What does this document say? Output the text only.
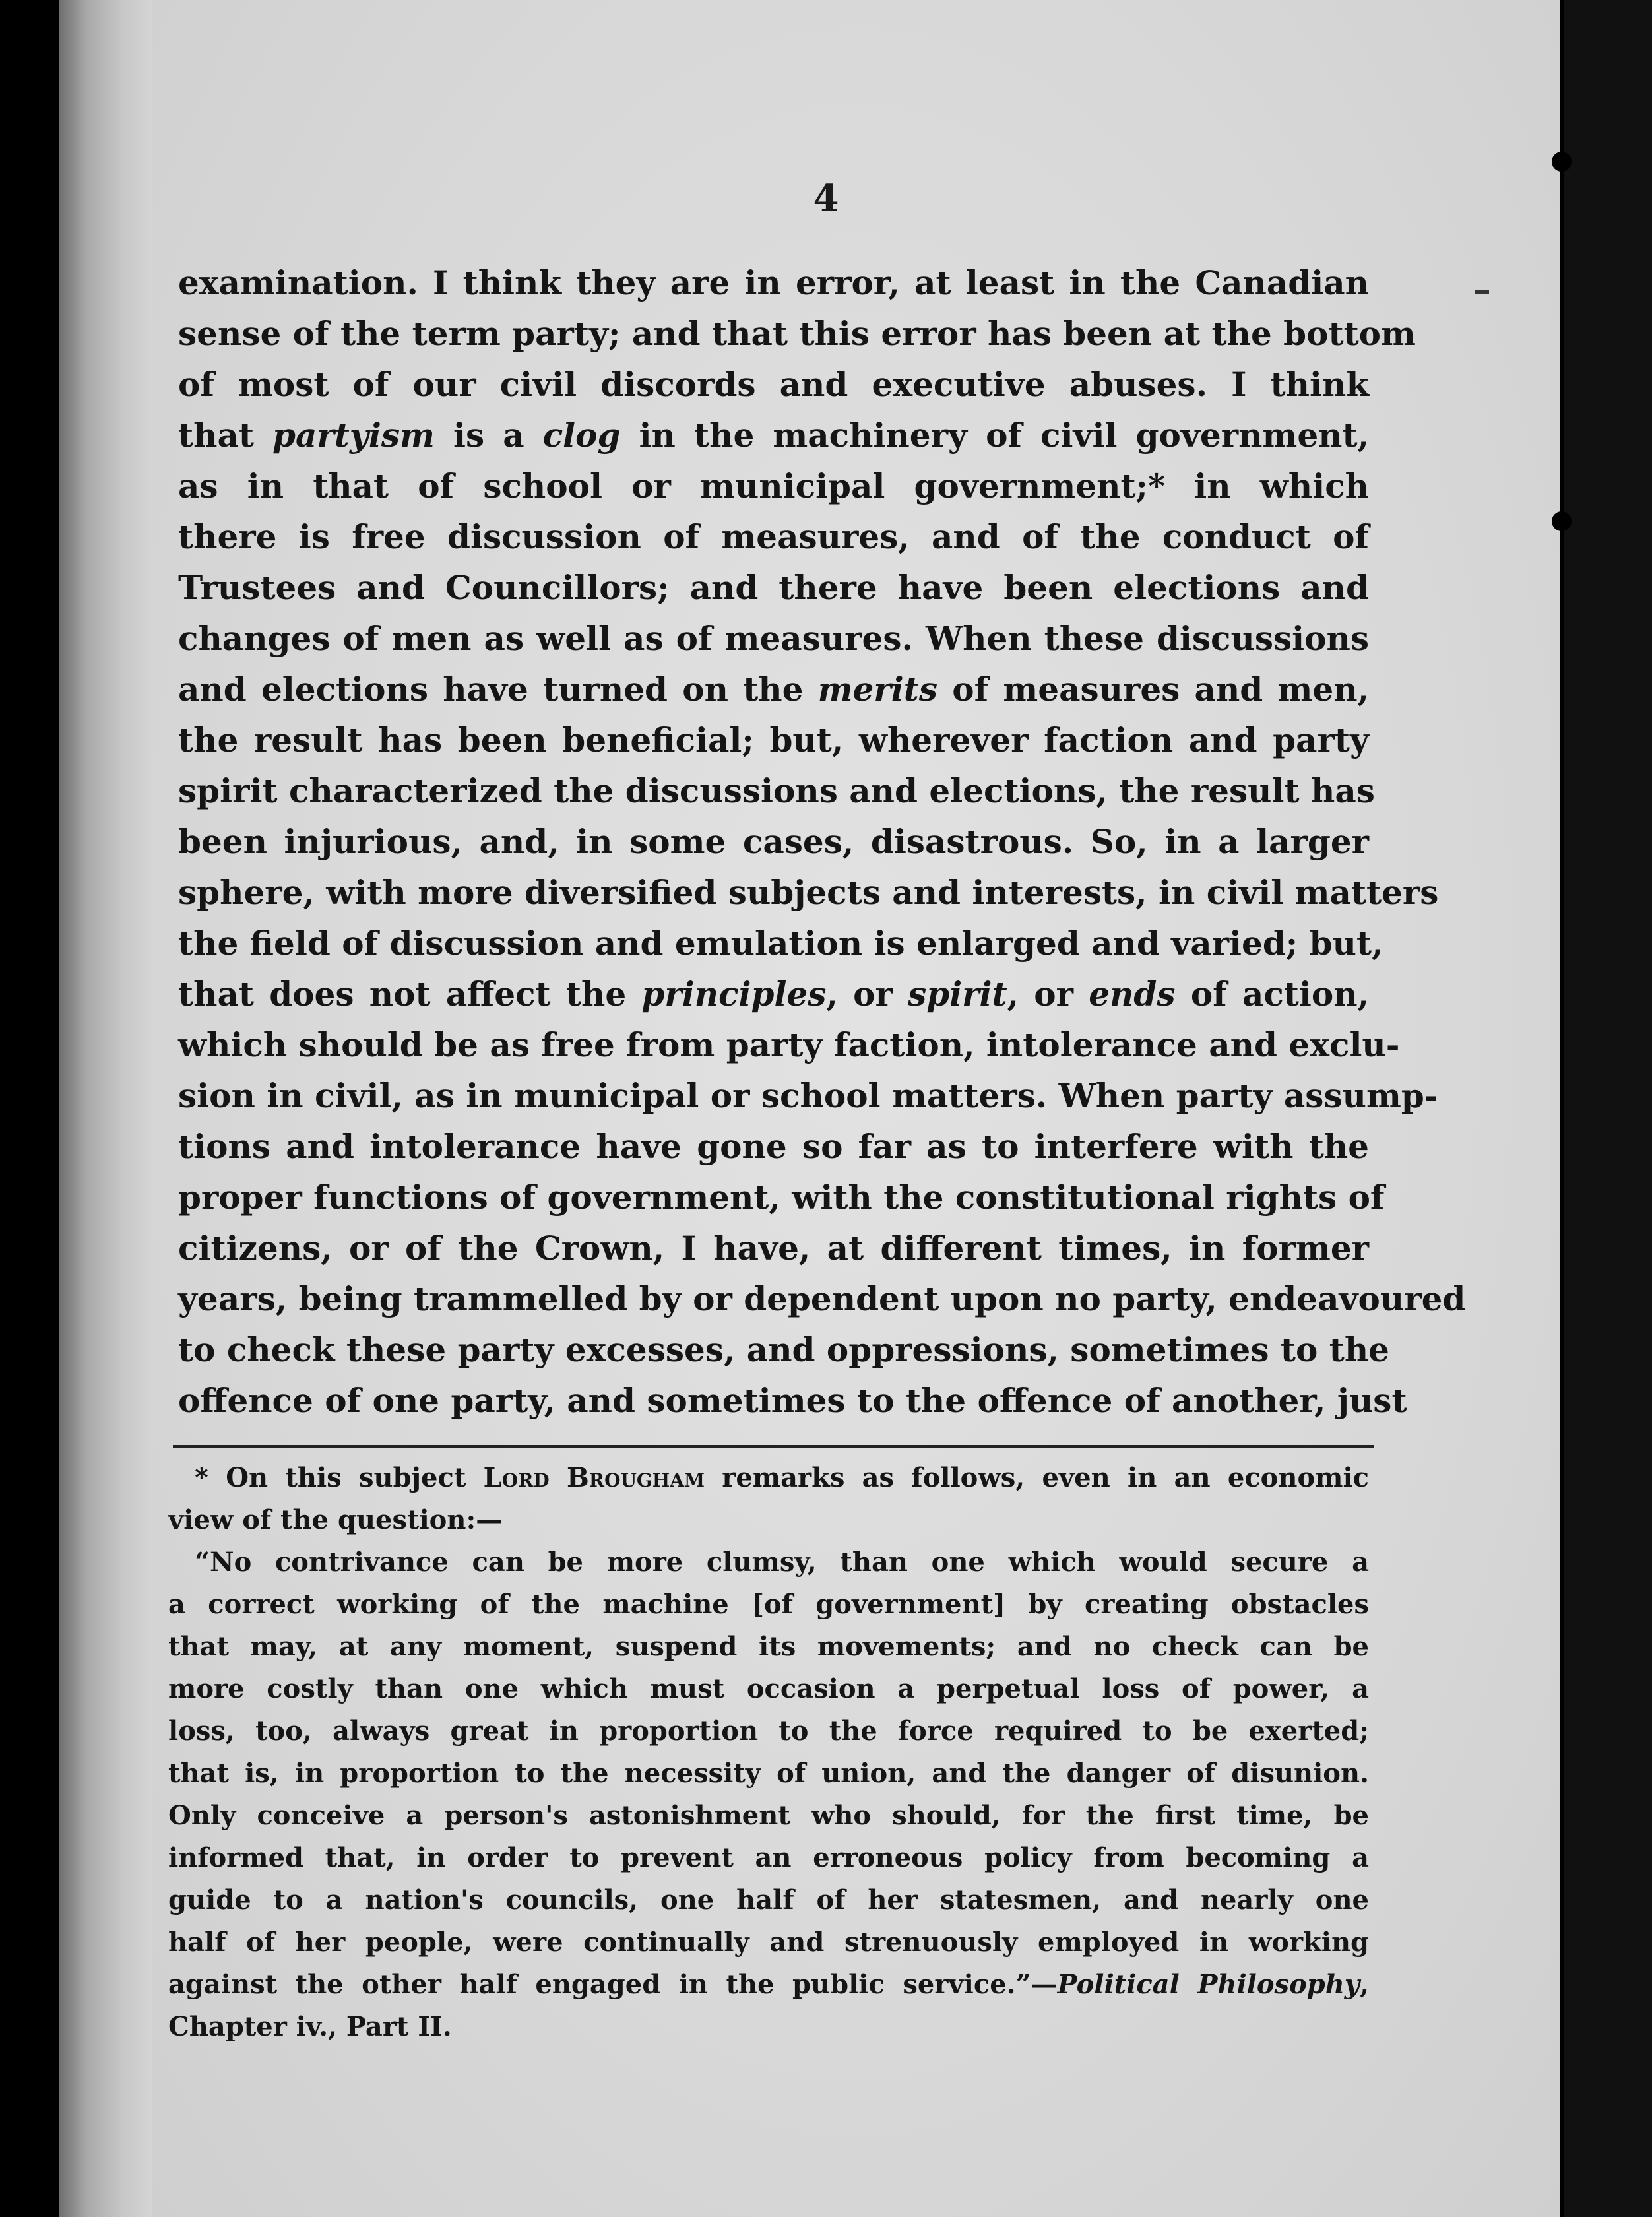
4
examination. I think they are in error, at least in the Canadian
sense of the term party; and that this error has been at the bottom
of most of our civil discords and executive abuses. I think
that partyism is a clog in the machinery of civil government,
as in that of school or municipal government;* in which
there is free discussion of measures, and of the conduct of
Trustees and Councillors; and there have been elections and
changes of men as well as of measures. When these discussions
and elections have turned on the merits of measures and men,
the result has been beneficial; but, wherever faction and party
spirit characterized the discussions and elections, the result has
been injurious, and, in some cases, disastrous. So, in a larger
sphere, with more diversified subjects and interests, in civil matters
the field of discussion and emulation is enlarged and varied; but,
that does not affect the principles, or spirit, or ends of action,
which should be as free from party faction, intolerance and exclu-
sion in civil, as in municipal or school matters. When party assump-
tions and intolerance have gone so far as to interfere with the
proper functions of government, with the constitutional rights of
citizens, or of the Crown, I have, at different times, in former
years, being trammelled by or dependent upon no party, endeavoured
to check these party excesses, and oppressions, sometimes to the
offence of one party, and sometimes to the offence of another, just
* On this subject Lord Brougham remarks as follows, even in an economic
view of the question:—
“No contrivance can be more clumsy, than one which would secure a
a correct working of the machine [of government] by creating obstacles
that may, at any moment, suspend its movements; and no check can be
more costly than one which must occasion a perpetual loss of power, a
loss, too, always great in proportion to the force required to be exerted;
that is, in proportion to the necessity of union, and the danger of disunion.
Only conceive a person's astonishment who should, for the first time, be
informed that, in order to prevent an erroneous policy from becoming a
guide to a nation's councils, one half of her statesmen, and nearly one
half of her people, were continually and strenuously employed in working
against the other half engaged in the public service.”—Political Philosophy,
Chapter iv., Part II.
